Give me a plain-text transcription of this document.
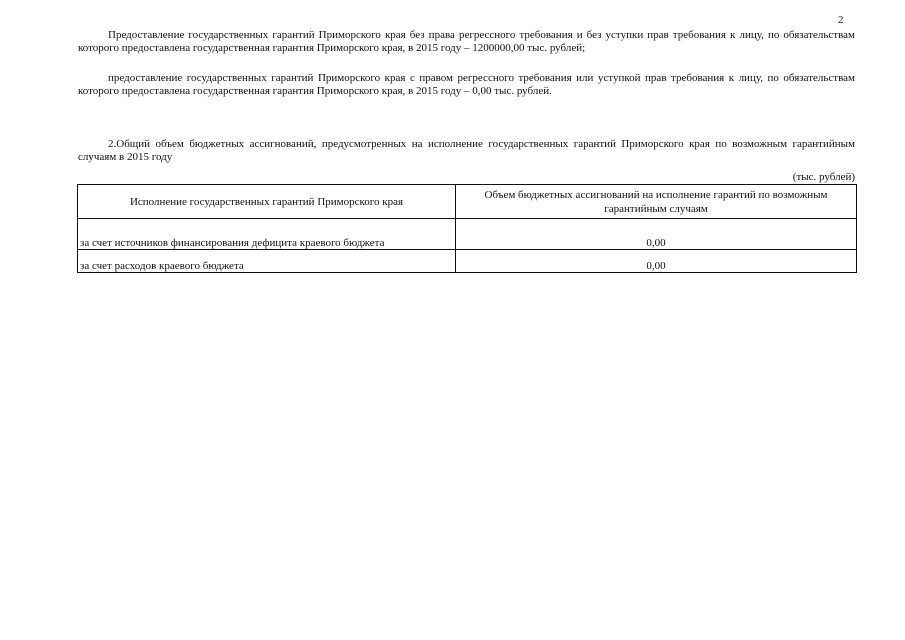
2
Предоставление государственных гарантий Приморского края без права регрессного требования и без уступки прав требования к лицу, по обязательствам которого предоставлена государственная гарантия Приморского края, в 2015 году – 1200000,00 тыс. рублей;
предоставление государственных гарантий Приморского края с правом регрессного требования или уступкой прав требования к лицу, по обязательствам которого предоставлена государственная гарантия Приморского края, в 2015 году – 0,00 тыс. рублей.
2.Общий объем бюджетных ассигнований, предусмотренных на исполнение государственных гарантий Приморского края по возможным гарантийным случаям в 2015 году
(тыс. рублей)
Исполнение государственных гарантий Приморского края	Объем бюджетных ассигнований на исполнение гарантий по возможным гарантийным случаям
за счет источников финансирования дефицита краевого бюджета	0,00
за счет расходов краевого бюджета	0,00
